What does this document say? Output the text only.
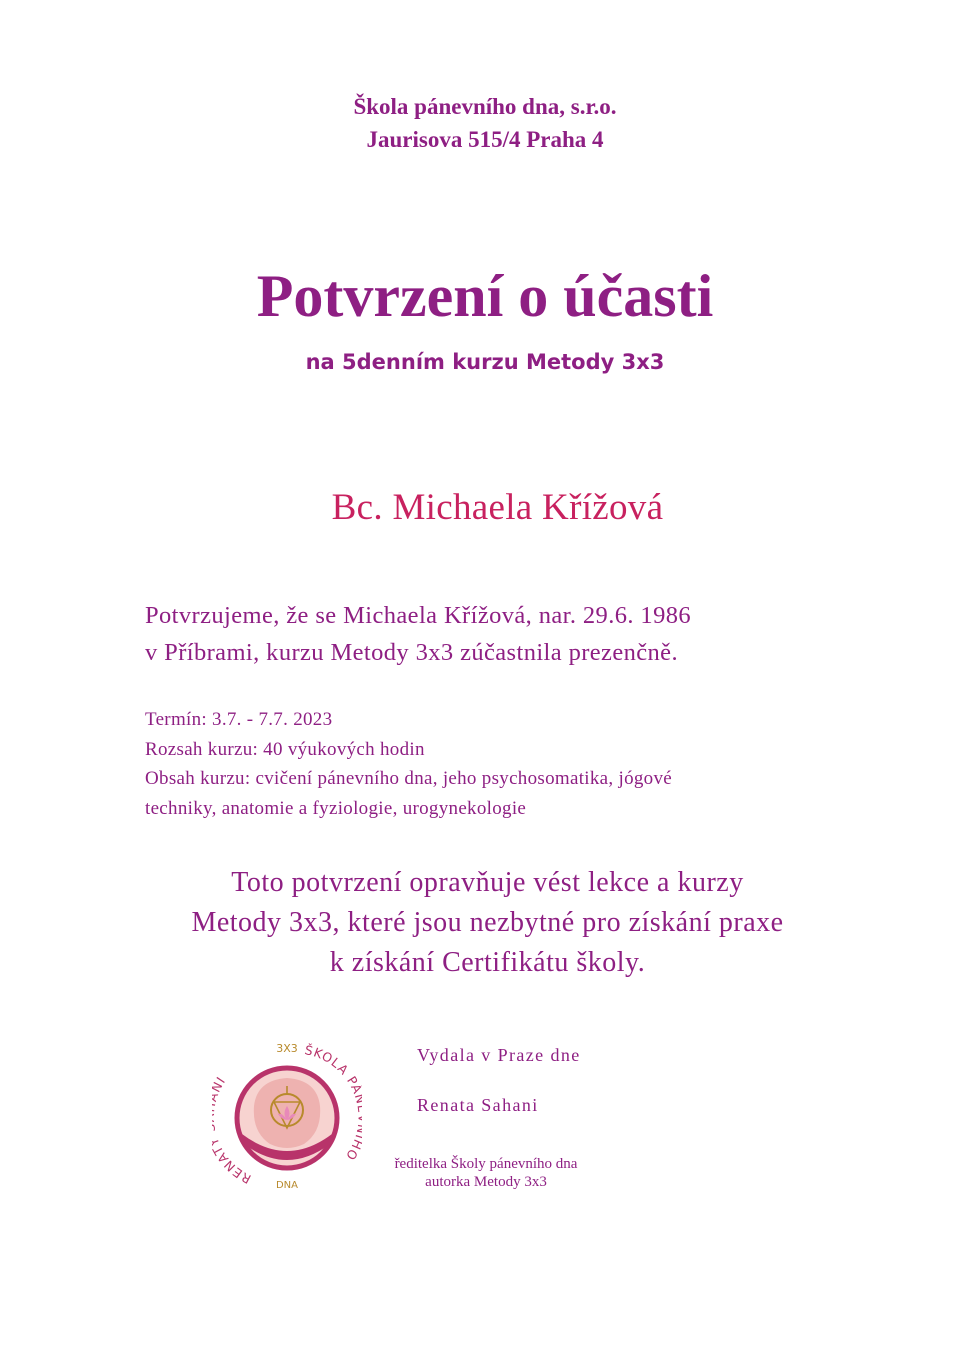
Škola pánevního dna, s.r.o.
Jaurisova 515/4 Praha 4
Potvrzení o účasti
na 5denním kurzu Metody 3x3
Bc. Michaela Křížová
Potvrzujeme, že se Michaela Křížová, nar. 29.6. 1986
v Příbrami, kurzu Metody 3x3 zúčastnila prezenčně.
Termín: 3.7. - 7.7. 2023
Rozsah kurzu: 40 výukových hodin
Obsah kurzu: cvičení pánevního dna, jeho psychosomatika, jógové
techniky, anatomie a fyziologie, urogynekologie
Toto potvrzení opravňuje vést lekce a kurzy
Metody 3x3, které jsou nezbytné pro získání praxe
k získání Certifikátu školy.
3X3
RENA I
ŠKOLA P O
DNA
Vydala v Praze dne
Renata Sahani
ředitelka Školy pánevního dna
autorka Metody 3x3
